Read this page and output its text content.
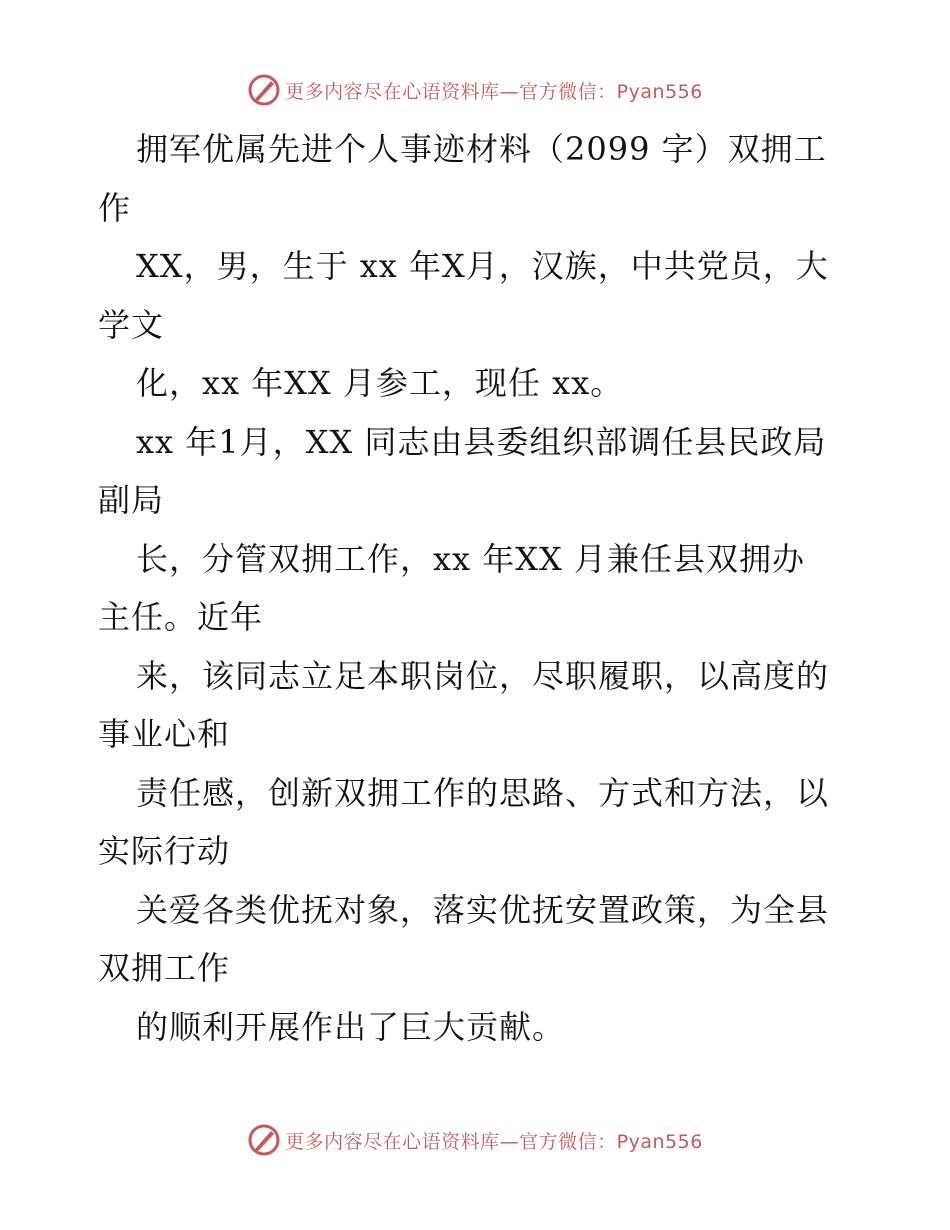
更多内容尽在心语资料库—官方微信：Pyan556
拥军优属先进个人事迹材料（2099 字）双拥工
作
XX，男，生于 xx 年X月，汉族，中共党员，大
学文
化，xx 年XX 月参工，现任 xx。
xx 年1月，XX 同志由县委组织部调任县民政局
副局
长，分管双拥工作，xx 年XX 月兼任县双拥办
主任。近年
来，该同志立足本职岗位，尽职履职，以高度的
事业心和
责任感，创新双拥工作的思路、方式和方法，以
实际行动
关爱各类优抚对象，落实优抚安置政策，为全县
双拥工作
的顺利开展作出了巨大贡献。
更多内容尽在心语资料库—官方微信：Pyan556
